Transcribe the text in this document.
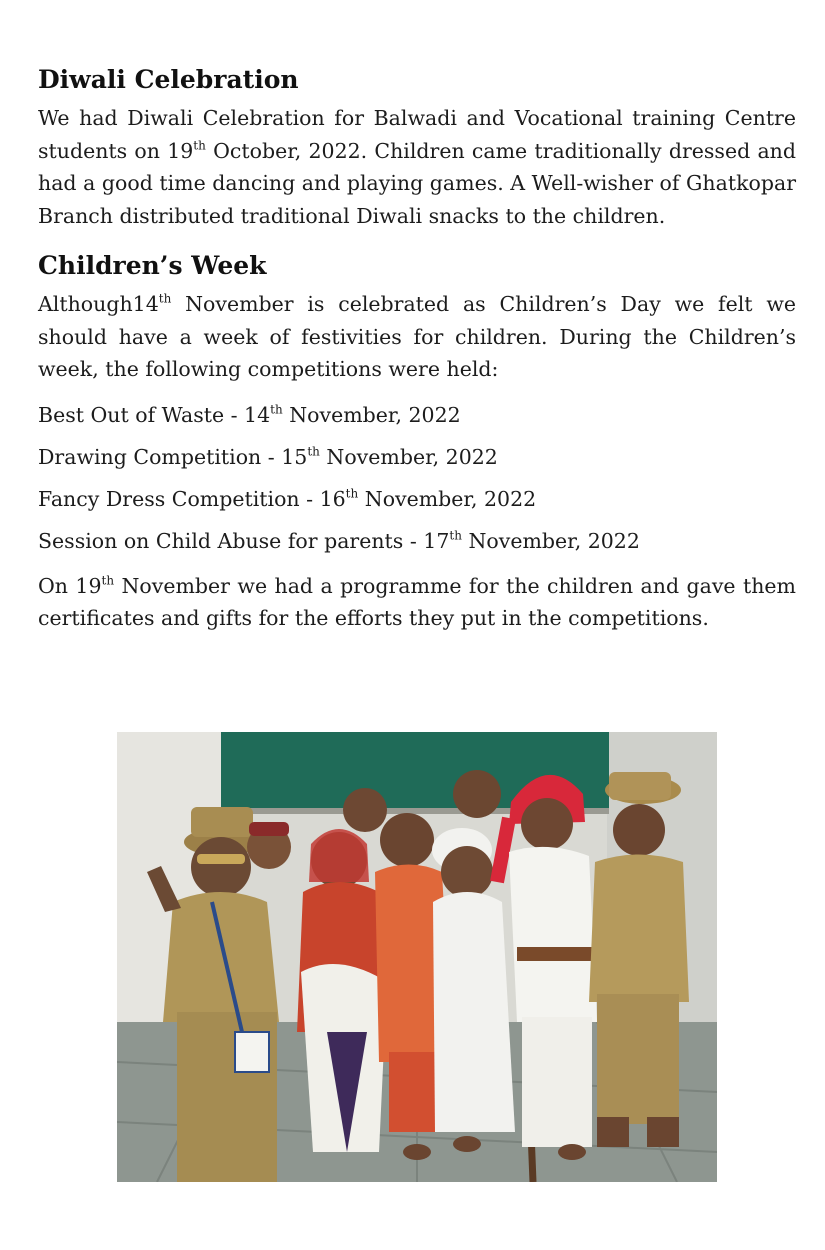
Diwali Celebration

We had Diwali Celebration for Balwadi and Vocational training Centre students on 19th October, 2022. Children came traditionally dressed and had a good time dancing and playing games. A Well-wisher of Ghatkopar Branch distributed traditional Diwali snacks to the children.

Children’s Week

Although14th November is celebrated as Children’s Day we felt we should have a week of festivities for children. During the Children’s week, the following competitions were held:

Best Out of Waste - 14th November, 2022
Drawing Competition - 15th November, 2022
Fancy Dress Competition - 16th November, 2022
Session on Child Abuse for parents - 17th November, 2022

On 19th November we had a programme for the children and gave them certificates and gifts for the efforts they put in the competitions.
